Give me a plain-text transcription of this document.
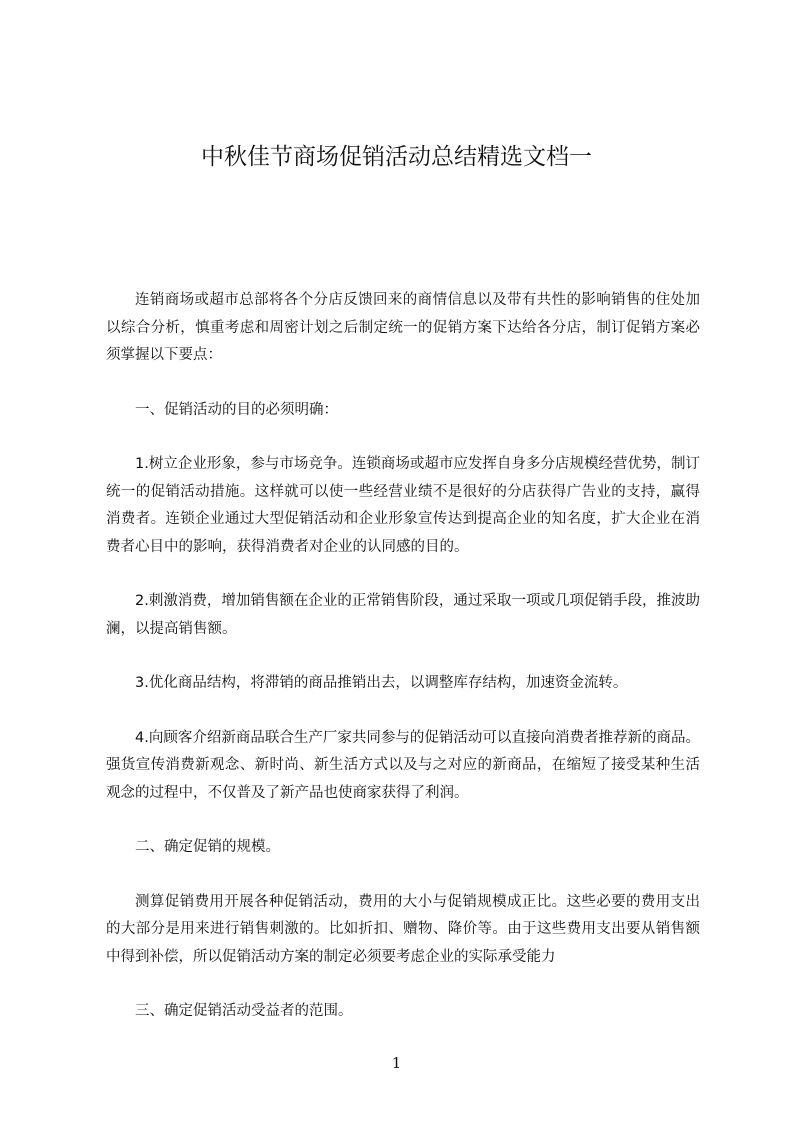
中秋佳节商场促销活动总结精选文档一

连销商场或超市总部将各个分店反馈回来的商情信息以及带有共性的影响销售的住处加以综合分析，慎重考虑和周密计划之后制定统一的促销方案下达给各分店，制订促销方案必须掌握以下要点：

一、促销活动的目的必须明确：

1.树立企业形象，参与市场竞争。连锁商场或超市应发挥自身多分店规模经营优势，制订统一的促销活动措施。这样就可以使一些经营业绩不是很好的分店获得广告业的支持，赢得消费者。连锁企业通过大型促销活动和企业形象宣传达到提高企业的知名度，扩大企业在消费者心目中的影响，获得消费者对企业的认同感的目的。

2.刺激消费，增加销售额在企业的正常销售阶段，通过采取一项或几项促销手段，推波助澜，以提高销售额。

3.优化商品结构，将滞销的商品推销出去，以调整库存结构，加速资金流转。

4.向顾客介绍新商品联合生产厂家共同参与的促销活动可以直接向消费者推荐新的商品。强货宣传消费新观念、新时尚、新生活方式以及与之对应的新商品，在缩短了接受某种生活观念的过程中，不仅普及了新产品也使商家获得了利润。

二、确定促销的规模。

测算促销费用开展各种促销活动，费用的大小与促销规模成正比。这些必要的费用支出的大部分是用来进行销售刺激的。比如折扣、赠物、降价等。由于这些费用支出要从销售额中得到补偿，所以促销活动方案的制定必须要考虑企业的实际承受能力

三、确定促销活动受益者的范围。

1
